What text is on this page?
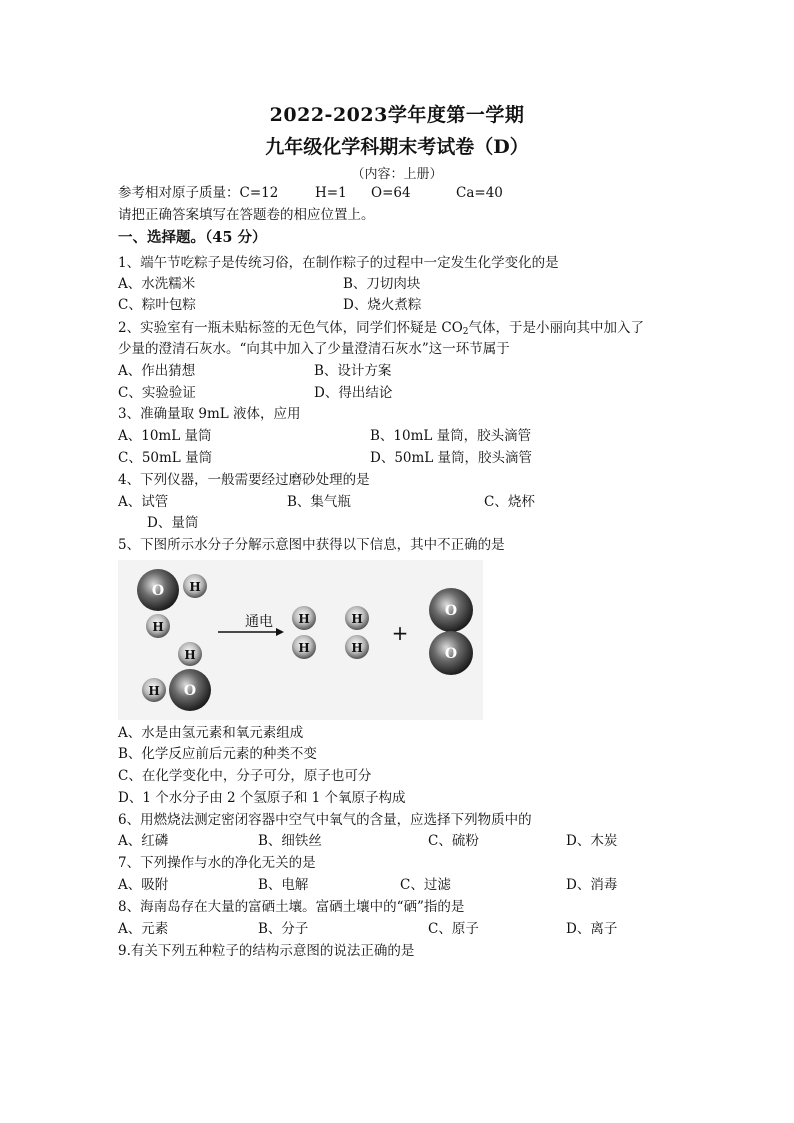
2022-2023学年度第一学期
九年级化学科期末考试卷（D）
（内容：上册）
参考相对原子质量：C=12	H=1 O=64	Ca=40
请把正确答案填写在答题卷的相应位置上。
一、选择题。（45 分）
1、端午节吃粽子是传统习俗，在制作粽子的过程中一定发生化学变化的是
A、水洗糯米	B、刀切肉块
C、粽叶包粽	D、烧火煮粽
2、实验室有一瓶未贴标签的无色气体，同学们怀疑是 $CO_2$气体，于是小丽向其中加入了
少量的澄清石灰水。“向其中加入了少量澄清石灰水”这一环节属于
A、作出猜想	B、设计方案
C、实验验证	D、得出结论
3、准确量取 9mL 液体，应用
A、10mL 量筒	B、10mL 量筒，胶头滴管
C、50mL 量筒	D、50mL 量筒，胶头滴管
4、下列仪器，一般需要经过磨砂处理的是
A、试管	B、集气瓶	C、烧杯
D、量筒
5、下图所示水分子分解示意图中获得以下信息，其中不正确的是
O H
H
O
H
H
通电 H
H
H
H
+
O
O
A、水是由氢元素和氧元素组成
B、化学反应前后元素的种类不变
C、在化学变化中，分子可分，原子也可分
D、1 个水分子由 2 个氢原子和 1 个氧原子构成
6、用燃烧法测定密闭容器中空气中氧气的含量，应选择下列物质中的
A、红磷	B、细铁丝	C、硫粉	D、木炭
7、下列操作与水的净化无关的是
A、吸附	B、电解	C、过滤	D、消毒
8、海南岛存在大量的富硒土壤。富硒土壤中的“硒”指的是
A、元素	B、分子	C、原子	D、离子
9.有关下列五种粒子的结构示意图的说法正确的是
